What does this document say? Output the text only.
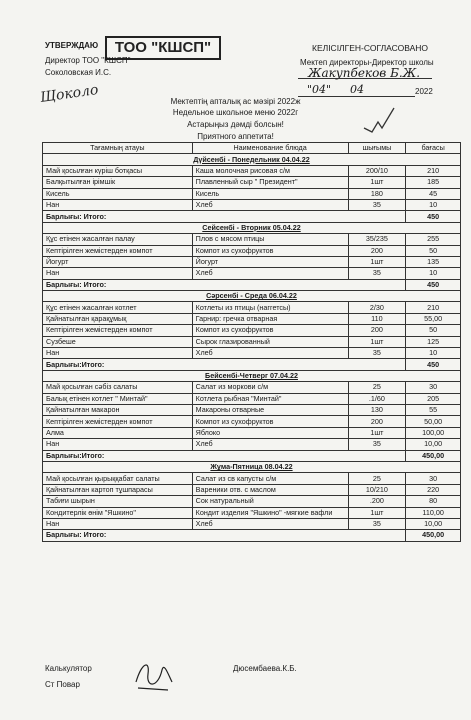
УТВЕРЖДАЮ	ТОО "КШСП"
Директор ТОО "КШСП"
Соколовская И.С.
Щоколо
КЕЛІСІЛГЕН-СОГЛАСОВАНО
Мектеп директоры-Директор школы
Жакупбеков Б.Ж.
"04" 04	2022
Мектептің апталық ас мәзірі 2022ж
Недельное школьное меню 2022г
Астарыңыз дәмді болсын!
Приятного аппетита!
Тағамның атауы	Наименование блюда	шығымы	бағасы
Дүйсенбі - Понедельник 04.04.22			
Май қосылған күріш ботқасы	Каша молочная рисовая с/м	200/10	210
Балқытылған ірімшік	Плавленный сыр " Президент"	1шт	185
Кисель	Кисель	180	45
Нан	Хлеб	35	10
Барлығы: Итого:			450
Сейсенбі - Вторник 05.04.22			
Құс етінен жасалған палау	Плов с мясом птицы	35/235	255
Кептірілген жемістерден компот	Компот из сухофруктов	200	50
Йогурт	Йогурт	1шт	135
Нан	Хлеб	35	10
Барлығы: Итого:			450
Сәрсенбі - Среда 06.04.22			
Құс етінен жасалған котлет	Котлеты из птицы (наггетсы)	2/30	210
Қайнатылған қарақұмық	Гарнир: гречка отварная	110	55,00
Кептірілген жемістерден компот	Компот из сухофруктов	200	50
Сузбеше	Сырок глазированный	1шт	125
Нан	Хлеб	35	10
Барлығы:Итого:			450
Бейсенбі-Четверг 07.04.22			
Май қосылған сәбіз салаты	Салат из моркови с/м	25	30
Балық етінен котлет " Минтай"	Котлета рыбная "Минтай"	.1/60	205
Қайнатылған макарон	Макароны отварные	130	55
Кептірілген жемістерден компот	Компот из сухофруктов	200	50,00
Алма	Яблоко	1шт	100,00
Нан	Хлеб	35	10,00
Барлығы:Итого:			450,00
Жұма-Пятница 08.04.22			
Май қосылған қырыққабат салаты	Салат из св капусты с/м	25	30
Қайнатылған картоп тұшпарасы	Вареники отв. с маслом	10/210	220
Табиғи шырын	Сок натуральный	.200	80
Кондитерлік өнім "Яшкино"	Кондит изделия "Яшкино" -мягкие вафли	1шт	110,00
Нан	Хлеб	35	10,00
Барлығы: Итого:			450,00
Калькулятор
Ст Повар
Дюсембаева.К.Б.
